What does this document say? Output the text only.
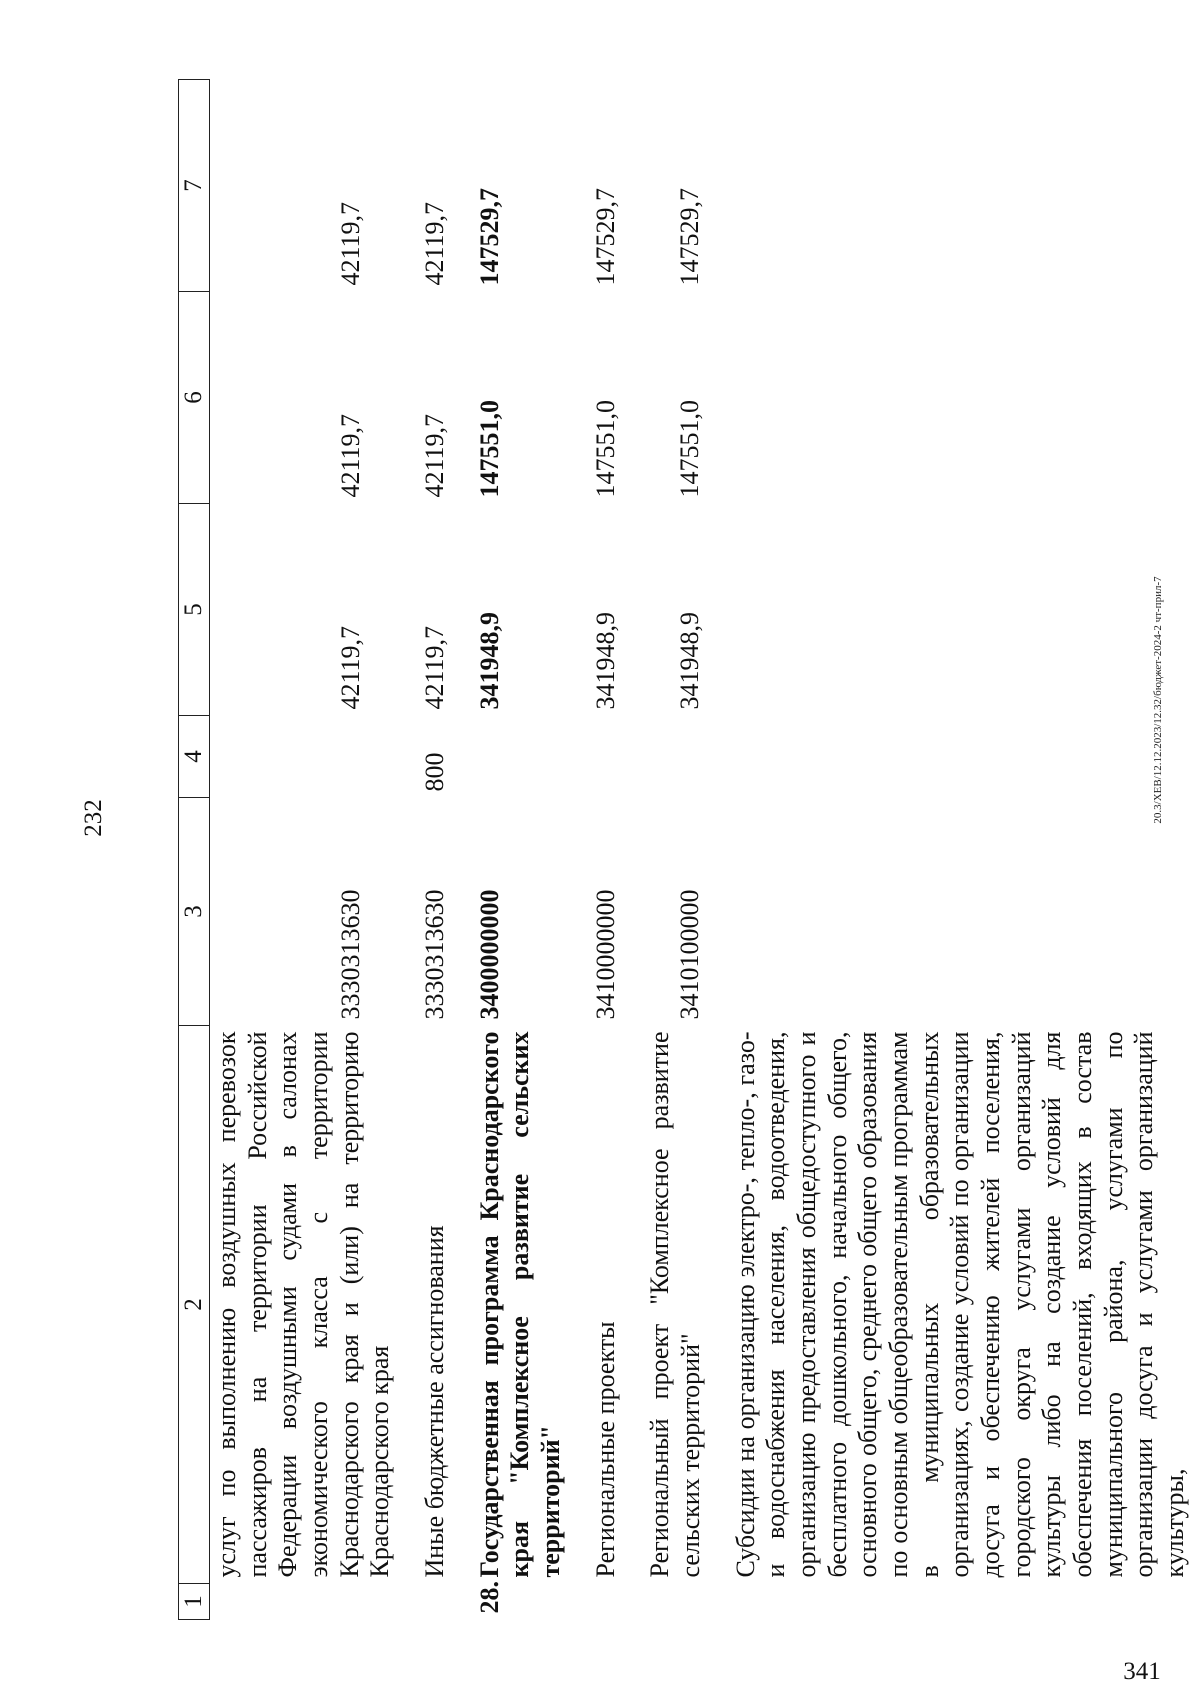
232
1	2	3	4	5	6	7
	услуг по выполнению воздушных перевозок пассажиров на территории Российской Федерации воздушными судами в салонах экономического класса с территории Краснодарского края и (или) на территорию Краснодарского края	3330313630		42119,7	42119,7	42119,7

	Иные бюджетные ассигнования	3330313630	800	42119,7	42119,7	42119,7

28.	Государственная программа Краснодарского края "Комплексное развитие сельских территорий"	3400000000		341948,9	147551,0	147529,7

	Региональные проекты	3410000000		341948,9	147551,0	147529,7

	Региональный проект "Комплексное развитие сельских территорий"	3410100000		341948,9	147551,0	147529,7

	Субсидии на организацию электро-, тепло-, газо- и водоснабжения населения, водоотведения, организацию предоставления общедоступного и бесплатного дошкольного, начального общего, основного общего, среднего общего образования по основным общеобразовательным программам в муниципальных образовательных организациях, создание условий по организации досуга и обеспечению жителей поселения, городского округа услугами организаций культуры либо на создание условий для обеспечения поселений, входящих в состав муниципального района, услугами по организации досуга и услугами организаций культуры,					
20.3/ХЕВ/12.12.2023/12.32/бюджет-2024-2 чт-прил-7
341
